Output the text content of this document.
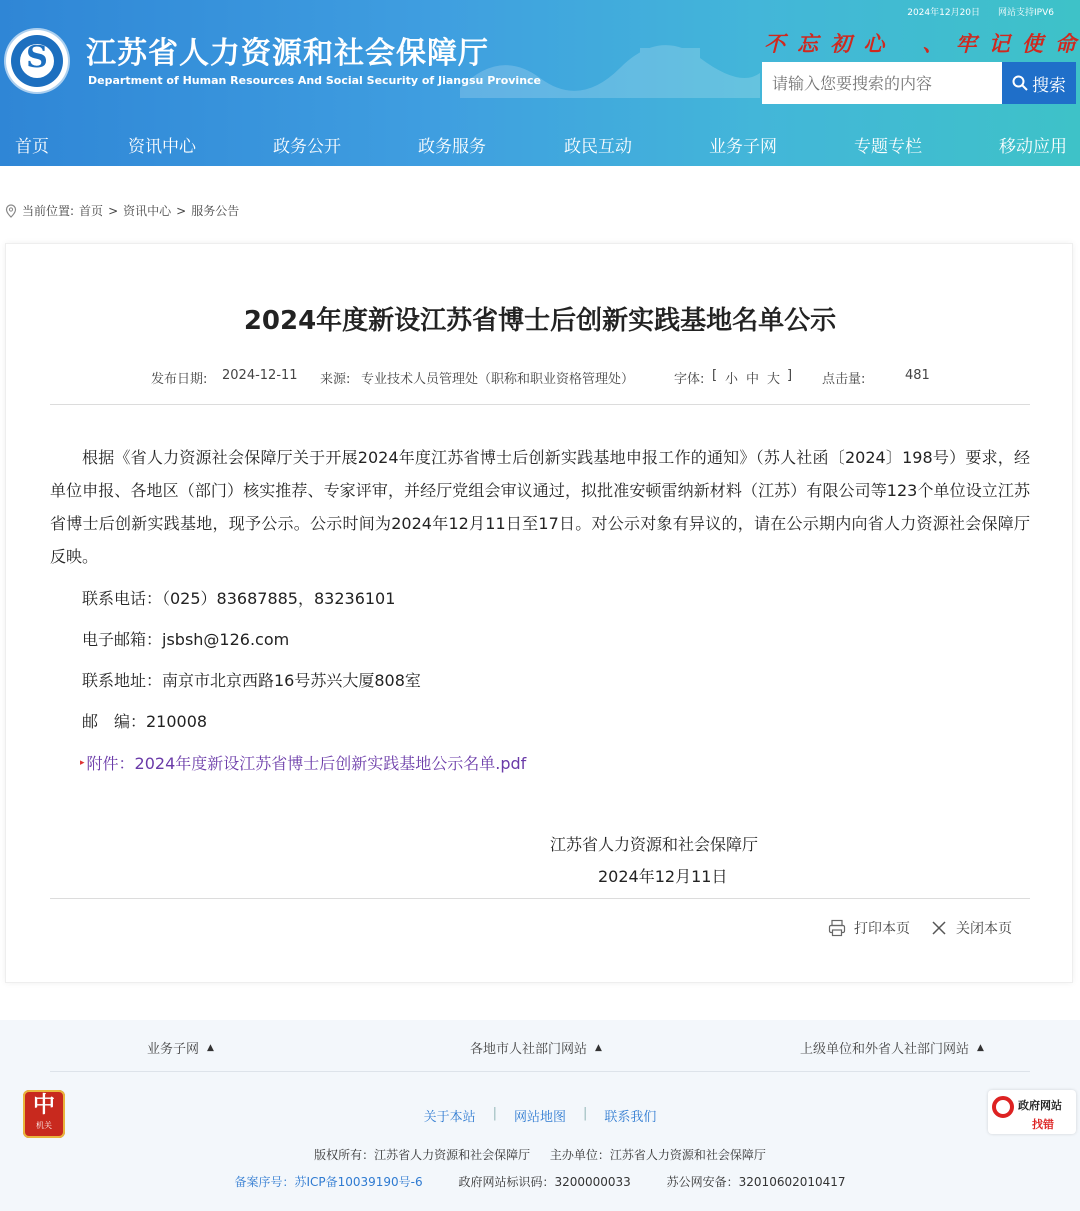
2024年12月20日 网站支持IPV6
S 江苏省人力资源和社会保障厅
Department of Human Resources And Social Security of Jiangsu Province
不 忘 初 心 、 牢 记 使 命
请输入您要搜索的内容
搜索
首页	资讯中心	政务公开	政务服务	政民互动	业务子网	专题专栏	移动应用
当前位置: 首页 > 资讯中心 > 服务公告
2024年度新设江苏省博士后创新实践基地名单公示
发布日期: 2024-12-11 来源: 专业技术人员管理处（职称和职业资格管理处）	字体: [ 小 中 大 ] 点击量:	481
根据《省人力资源社会保障厅关于开展2024年度江苏省博士后创新实践基地申报工作的通知》（苏人社函〔2024〕198号）要求，经单位申报、各地区（部门）核实推荐、专家评审，并经厅党组会审议通过，拟批准安顿雷纳新材料（江苏）有限公司等123个单位设立江苏省博士后创新实践基地，现予公示。公示时间为2024年12月11日至17日。对公示对象有异议的，请在公示期内向省人力资源社会保障厅反映。
联系电话：（025）83687885，83236101
电子邮箱：jsbsh@126.com
联系地址：南京市北京西路16号苏兴大厦808室
邮　编：210008
▸ 附件：2024年度新设江苏省博士后创新实践基地公示名单.pdf
江苏省人力资源和社会保障厅
2024年12月11日
打印本页	关闭本页
业务子网 ▲	各地市人社部门网站 ▲	上级单位和外省人社部门网站 ▲
中
机关
关于本站 | 网站地图 | 联系我们
版权所有：江苏省人力资源和社会保障厅 主办单位：江苏省人力资源和社会保障厅
备案序号：苏ICP备10039190号-6	政府网站标识码：3200000033	苏公网安备：32010602010417
政府网站
找错
